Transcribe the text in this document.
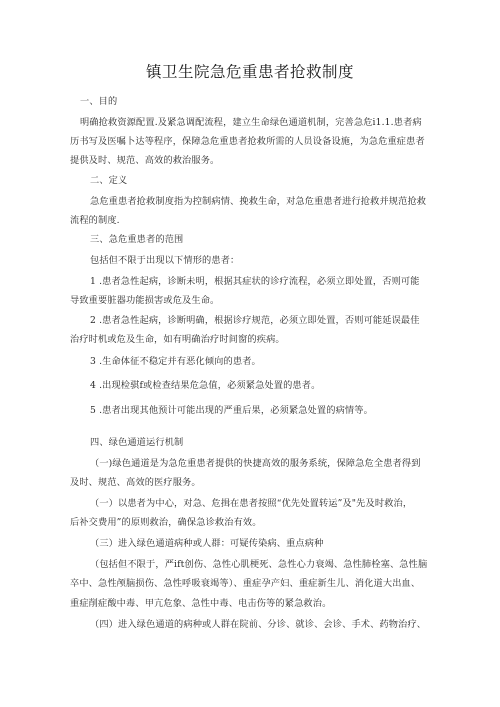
镇卫生院急危重患者抢救制度
一、目的
明确抢救资源配置.及紧急调配流程，建立生命绿色通道机制，完善急危i1.1.患者病
历书写及医嘱卜达等程序，保障急危重患者抢救所需的人员设备设施，为急危重症患者
提供及时、规范、高效的救治服务。
二、定义
急危重患者抢救制度指为控制病情、挽救生命，对急危重患者进行抢救并规范抢救
流程的制度.
三、急危重患者的范围
包括但不限于出现以下情形的患者：
1 .患者急性起病，诊断未明，根据其症状的诊疗流程，必须立即处置，否则可能
导致重要脏器功能损害或危及生命。
2 .患者急性起病，诊断明确，根据诊疗规范，必须立即处置，否则可能延误最佳
治疗时机或危及生命，如有明确治疗时间窗的疾病。
3 .生命体征不稳定并有恶化倾向的患者。
4 .出现检骐f或检查结果危急值，必须紧急处置的患者。
5 .患者出现其他预计可能出现的严重后果，必须紧急处置的病情等。
四、绿色通道运行机制
（一)绿色通道是为急危重患者提供的快捷高效的服务系统，保障急危全患者得到
及时、规范、高效的医疗服务。
（一）以患者为中心，对急、危揖在患者按照“优先处置转运”及"先及时救治，
后补交费用”的原则救治，确保急诊救治有效。
（三）进入绿色通道病种或人群：可疑传染病、重点病种
（包括但不限于，严ift创伤、急性心肌梗死、急性心力衰竭、急性肺栓塞、急性脑
卒中、急性颅脑损伤、急性呼吸衰竭等）、重症孕产妇、重症新生儿、消化道大出血、
重症削症酸中毒、甲亢危象、急性中毒、电击伤等的紧急救治。
（四）进入绿色通道的病种或人群在院前、分诊、就诊、会诊、手术、药物治疗、
